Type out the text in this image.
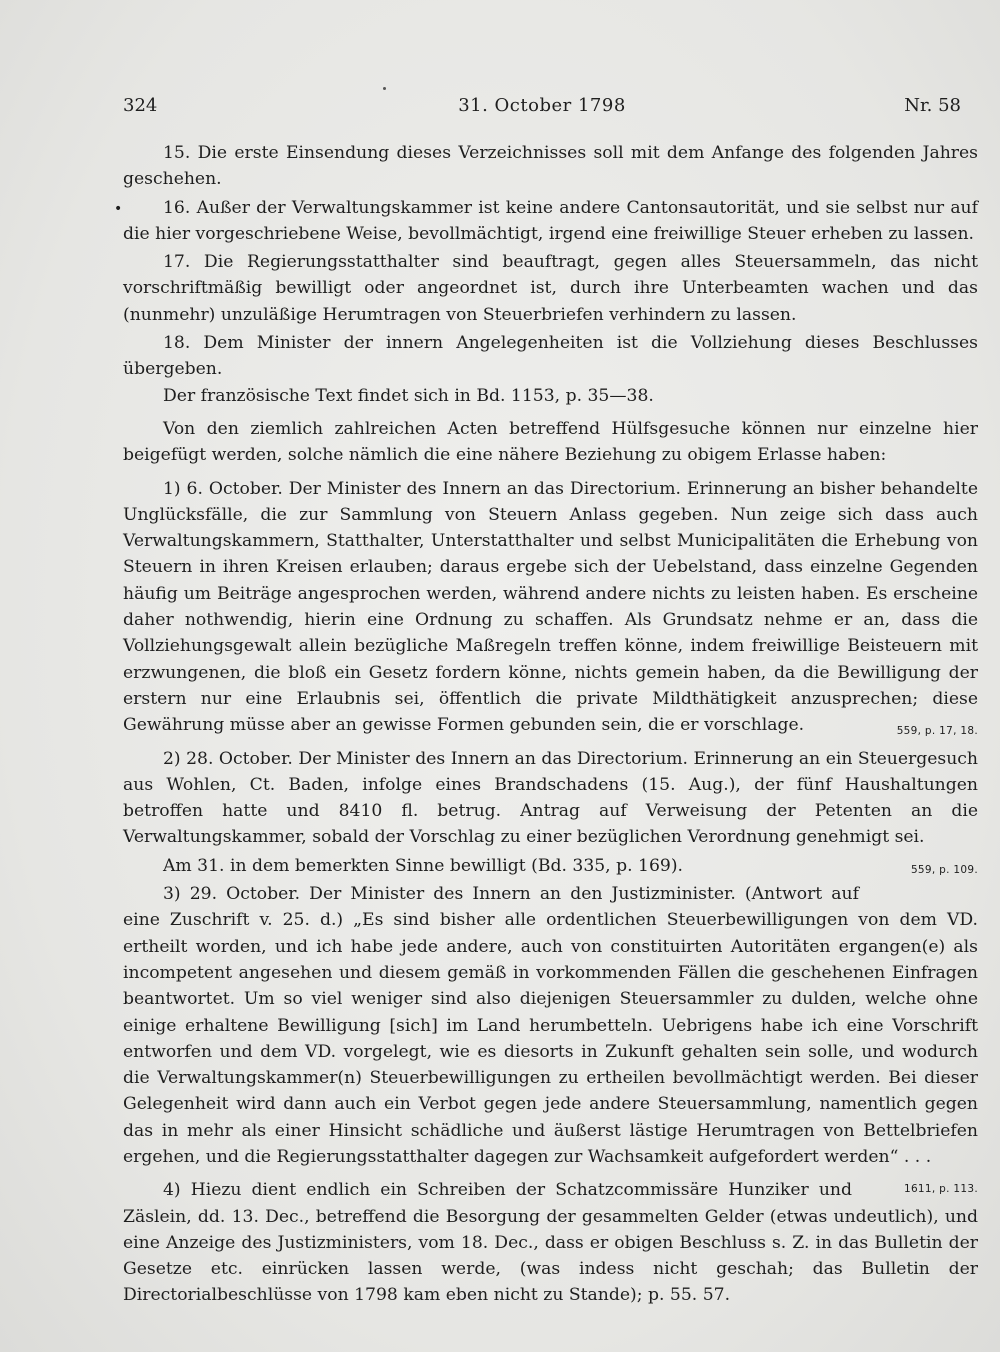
324	31. October 1798	Nr. 58
•

15. Die erste Einsendung dieses Verzeichnisses soll mit dem Anfange des folgenden Jahres geschehen.

16. Außer der Verwaltungskammer ist keine andere Cantonsautorität, und sie selbst nur auf die hier vorgeschriebene Weise, bevollmächtigt, irgend eine freiwillige Steuer erheben zu lassen.

17. Die Regierungsstatthalter sind beauftragt, gegen alles Steuersammeln, das nicht vorschriftmäßig bewilligt oder angeordnet ist, durch ihre Unterbeamten wachen und das (nunmehr) unzuläßige Herumtragen von Steuerbriefen verhindern zu lassen.

18. Dem Minister der innern Angelegenheiten ist die Vollziehung dieses Beschlusses übergeben.

Der französische Text findet sich in Bd. 1153, p. 35—38.

Von den ziemlich zahlreichen Acten betreffend Hülfsgesuche können nur einzelne hier beigefügt werden, solche nämlich die eine nähere Beziehung zu obigem Erlasse haben:

1) 6. October. Der Minister des Innern an das Directorium. Erinnerung an bisher behandelte Unglücksfälle, die zur Sammlung von Steuern Anlass gegeben. Nun zeige sich dass auch Verwaltungskammern, Statthalter, Unterstatthalter und selbst Municipalitäten die Erhebung von Steuern in ihren Kreisen erlauben; daraus ergebe sich der Uebelstand, dass einzelne Gegenden häufig um Beiträge angesprochen werden, während andere nichts zu leisten haben. Es erscheine daher nothwendig, hierin eine Ordnung zu schaffen. Als Grundsatz nehme er an, dass die Vollziehungsgewalt allein bezügliche Maßregeln treffen könne, indem freiwillige Beisteuern mit erzwungenen, die bloß ein Gesetz fordern könne, nichts gemein haben, da die Bewilligung der erstern nur eine Erlaubnis sei, öffentlich die private Mildthätigkeit anzusprechen; diese Gewährung müsse aber an gewisse Formen gebunden sein, die er vorschlage.	559, p. 17, 18.

2) 28. October. Der Minister des Innern an das Directorium. Erinnerung an ein Steuergesuch aus Wohlen, Ct. Baden, infolge eines Brandschadens (15. Aug.), der fünf Haushaltungen betroffen hatte und 8410 fl. betrug. Antrag auf Verweisung der Petenten an die Verwaltungskammer, sobald der Vorschlag zu einer bezüglichen Verordnung genehmigt sei.
559, p. 109.

Am 31. in dem bemerkten Sinne bewilligt (Bd. 335, p. 169).

3) 29. October. Der Minister des Innern an den Justizminister. (Antwort auf eine Zuschrift v. 25. d.) „Es sind bisher alle ordentlichen Steuerbewilligungen von dem VD. ertheilt worden, und ich habe jede andere, auch von constituirten Autoritäten ergangen(e) als incompetent angesehen und diesem gemäß in vorkommenden Fällen die geschehenen Einfragen beantwortet. Um so viel weniger sind also diejenigen Steuersammler zu dulden, welche ohne einige erhaltene Bewilligung [sich] im Land herumbetteln. Uebrigens habe ich eine Vorschrift entworfen und dem VD. vorgelegt, wie es diesorts in Zukunft gehalten sein solle, und wodurch die Verwaltungskammer(n) Steuerbewilligungen zu ertheilen bevollmächtigt werden. Bei dieser Gelegenheit wird dann auch ein Verbot gegen jede andere Steuersammlung, namentlich gegen das in mehr als einer Hinsicht schädliche und äußerst lästige Herumtragen von Bettelbriefen ergehen, und die Regierungsstatthalter dagegen zur Wachsamkeit aufgefordert werden“ . . .
1611, p. 113.

4) Hiezu dient endlich ein Schreiben der Schatzcommissäre Hunziker und Zäslein, dd. 13. Dec., betreffend die Besorgung der gesammelten Gelder (etwas undeutlich), und eine Anzeige des Justizministers, vom 18. Dec., dass er obigen Beschluss s. Z. in das Bulletin der Gesetze etc. einrücken lassen werde, (was indess nicht geschah; das Bulletin der Directorialbeschlüsse von 1798 kam eben nicht zu Stande); p. 55. 57.
